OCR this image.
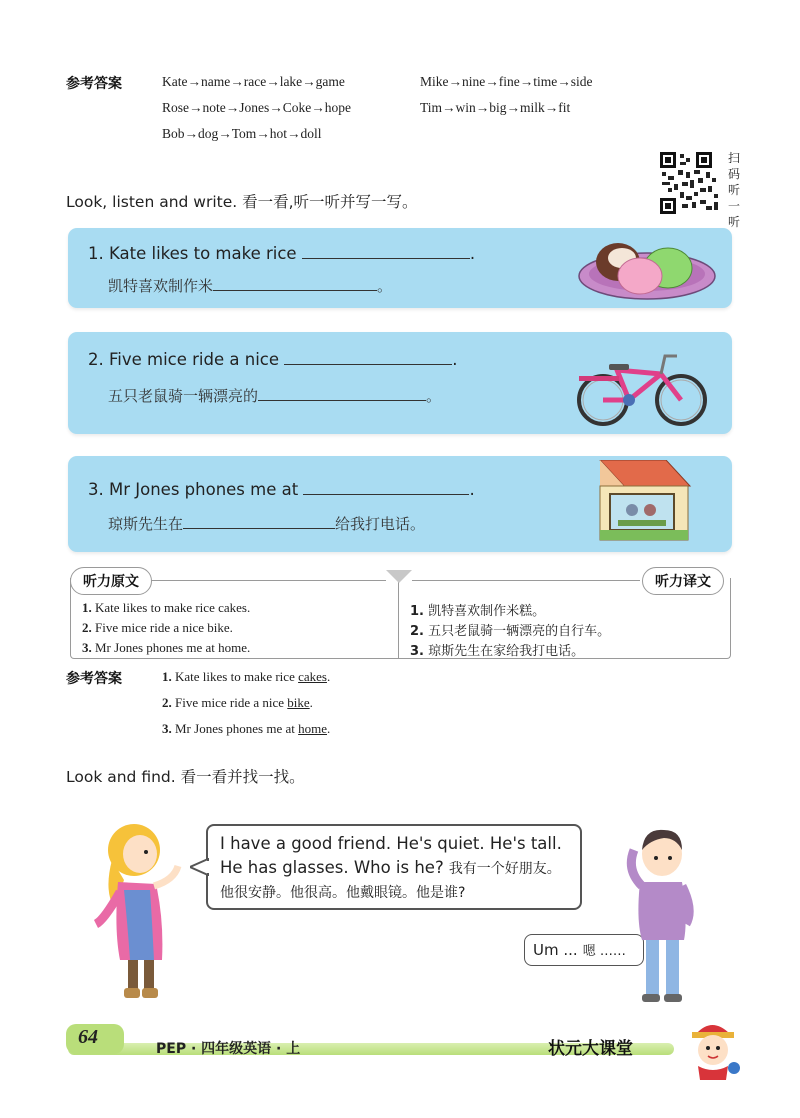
参考答案	Kate→name→race→lake→game
Rose→note→Jones→Coke→hope
Bob→dog→Tom→hot→doll
Mike→nine→fine→time→side
Tim→win→big→milk→fit
扫码听一听
Look, listen and write. 看一看,听一听并写一写。
1. Kate likes to make rice	.
凯特喜欢制作米	。
2. Five mice ride a nice	.
五只老鼠骑一辆漂亮的	。
3. Mr Jones phones me at	.
琼斯先生在	给我打电话。
听力原文	听力译文
1. Kate likes to make rice cakes.
2. Five mice ride a nice bike.
3. Mr Jones phones me at home.
1. 凯特喜欢制作米糕。
2. 五只老鼠骑一辆漂亮的自行车。
3. 琼斯先生在家给我打电话。
参考答案	1. Kate likes to make rice cakes.
2. Five mice ride a nice bike.
3. Mr Jones phones me at home.
Look and find. 看一看并找一找。
I have a good friend. He's quiet. He's tall.
He has glasses. Who is he? 我有一个好朋友。
他很安静。他很高。他戴眼镜。他是谁?
Um ... 嗯 ……
64
PEP · 四年级英语 · 上	状元大课堂
